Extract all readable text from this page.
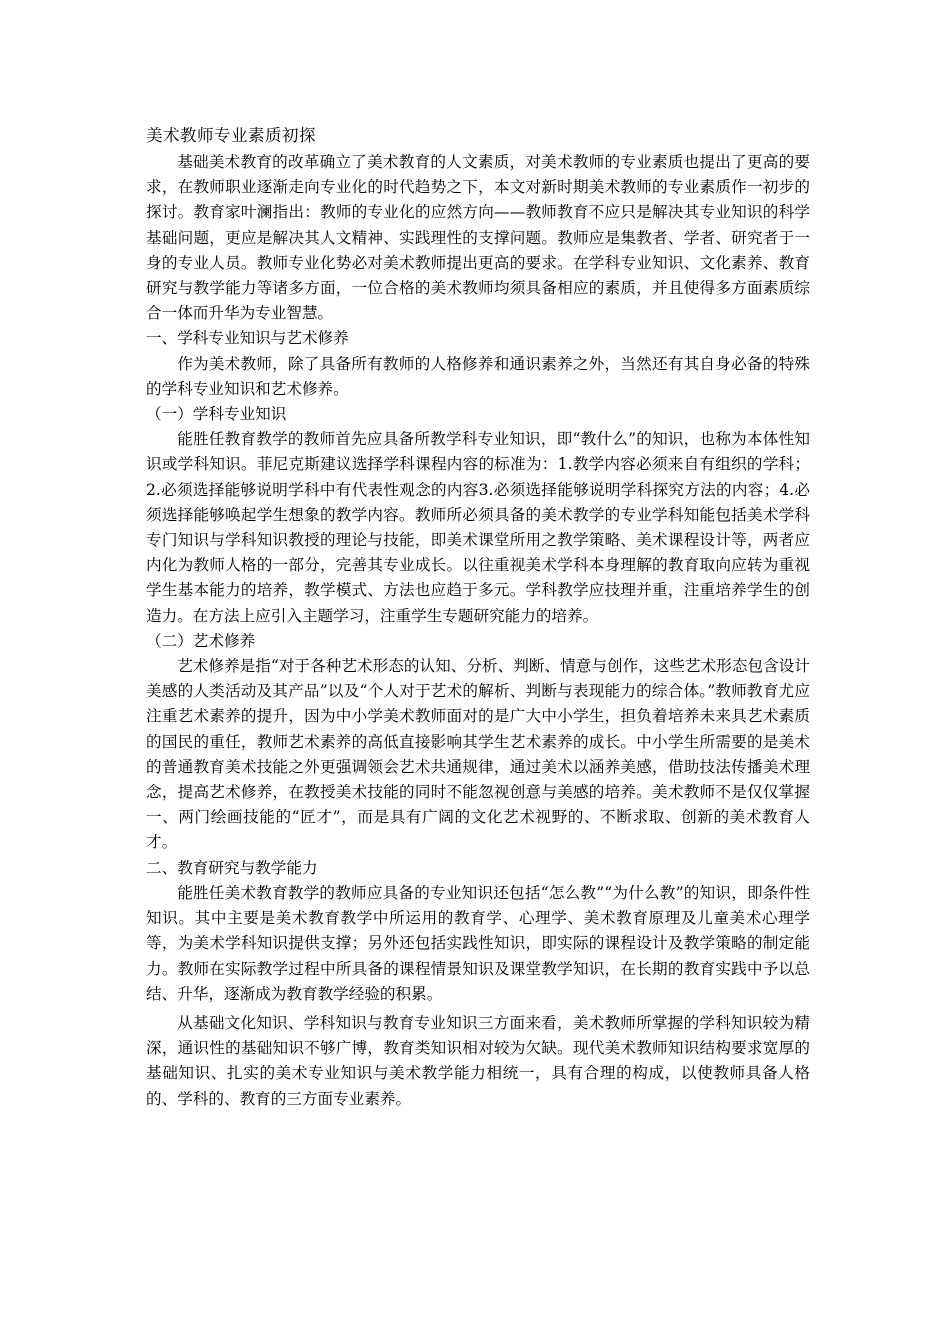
美术教师专业素质初探

基础美术教育的改革确立了美术教育的人文素质，对美术教师的专业素质也提出了更高的要求，在教师职业逐渐走向专业化的时代趋势之下，本文对新时期美术教师的专业素质作一初步的探讨。教育家叶澜指出：教师的专业化的应然方向——教师教育不应只是解决其专业知识的科学基础问题，更应是解决其人文精神、实践理性的支撑问题。教师应是集教者、学者、研究者于一身的专业人员。教师专业化势必对美术教师提出更高的要求。在学科专业知识、文化素养、教育研究与教学能力等诸多方面，一位合格的美术教师均须具备相应的素质，并且使得多方面素质综合一体而升华为专业智慧。

一、学科专业知识与艺术修养

作为美术教师，除了具备所有教师的人格修养和通识素养之外，当然还有其自身必备的特殊的学科专业知识和艺术修养。

（一）学科专业知识

能胜任教育教学的教师首先应具备所教学科专业知识，即“教什么”的知识，也称为本体性知识或学科知识。菲尼克斯建议选择学科课程内容的标准为：1.教学内容必须来自有组织的学科；2.必须选择能够说明学科中有代表性观念的内容3.必须选择能够说明学科探究方法的内容；4.必须选择能够唤起学生想象的教学内容。教师所必须具备的美术教学的专业学科知能包括美术学科专门知识与学科知识教授的理论与技能，即美术课堂所用之教学策略、美术课程设计等，两者应内化为教师人格的一部分，完善其专业成长。以往重视美术学科本身理解的教育取向应转为重视学生基本能力的培养，教学模式、方法也应趋于多元。学科教学应技理并重，注重培养学生的创造力。在方法上应引入主题学习，注重学生专题研究能力的培养。

（二）艺术修养

艺术修养是指“对于各种艺术形态的认知、分析、判断、情意与创作，这些艺术形态包含设计美感的人类活动及其产品”以及“个人对于艺术的解析、判断与表现能力的综合体。”教师教育尤应注重艺术素养的提升，因为中小学美术教师面对的是广大中小学生，担负着培养未来具艺术素质的国民的重任，教师艺术素养的高低直接影响其学生艺术素养的成长。中小学生所需要的是美术的普通教育美术技能之外更强调领会艺术共通规律，通过美术以涵养美感，借助技法传播美术理念，提高艺术修养，在教授美术技能的同时不能忽视创意与美感的培养。美术教师不是仅仅掌握一、两门绘画技能的“匠才”，而是具有广阔的文化艺术视野的、不断求取、创新的美术教育人才。

二、教育研究与教学能力

能胜任美术教育教学的教师应具备的专业知识还包括“怎么教”“为什么教”的知识，即条件性知识。其中主要是美术教育教学中所运用的教育学、心理学、美术教育原理及儿童美术心理学等，为美术学科知识提供支撑；另外还包括实践性知识，即实际的课程设计及教学策略的制定能力。教师在实际教学过程中所具备的课程情景知识及课堂教学知识，在长期的教育实践中予以总结、升华，逐渐成为教育教学经验的积累。

从基础文化知识、学科知识与教育专业知识三方面来看，美术教师所掌握的学科知识较为精深，通识性的基础知识不够广博，教育类知识相对较为欠缺。现代美术教师知识结构要求宽厚的基础知识、扎实的美术专业知识与美术教学能力相统一，具有合理的构成，以使教师具备人格的、学科的、教育的三方面专业素养。
